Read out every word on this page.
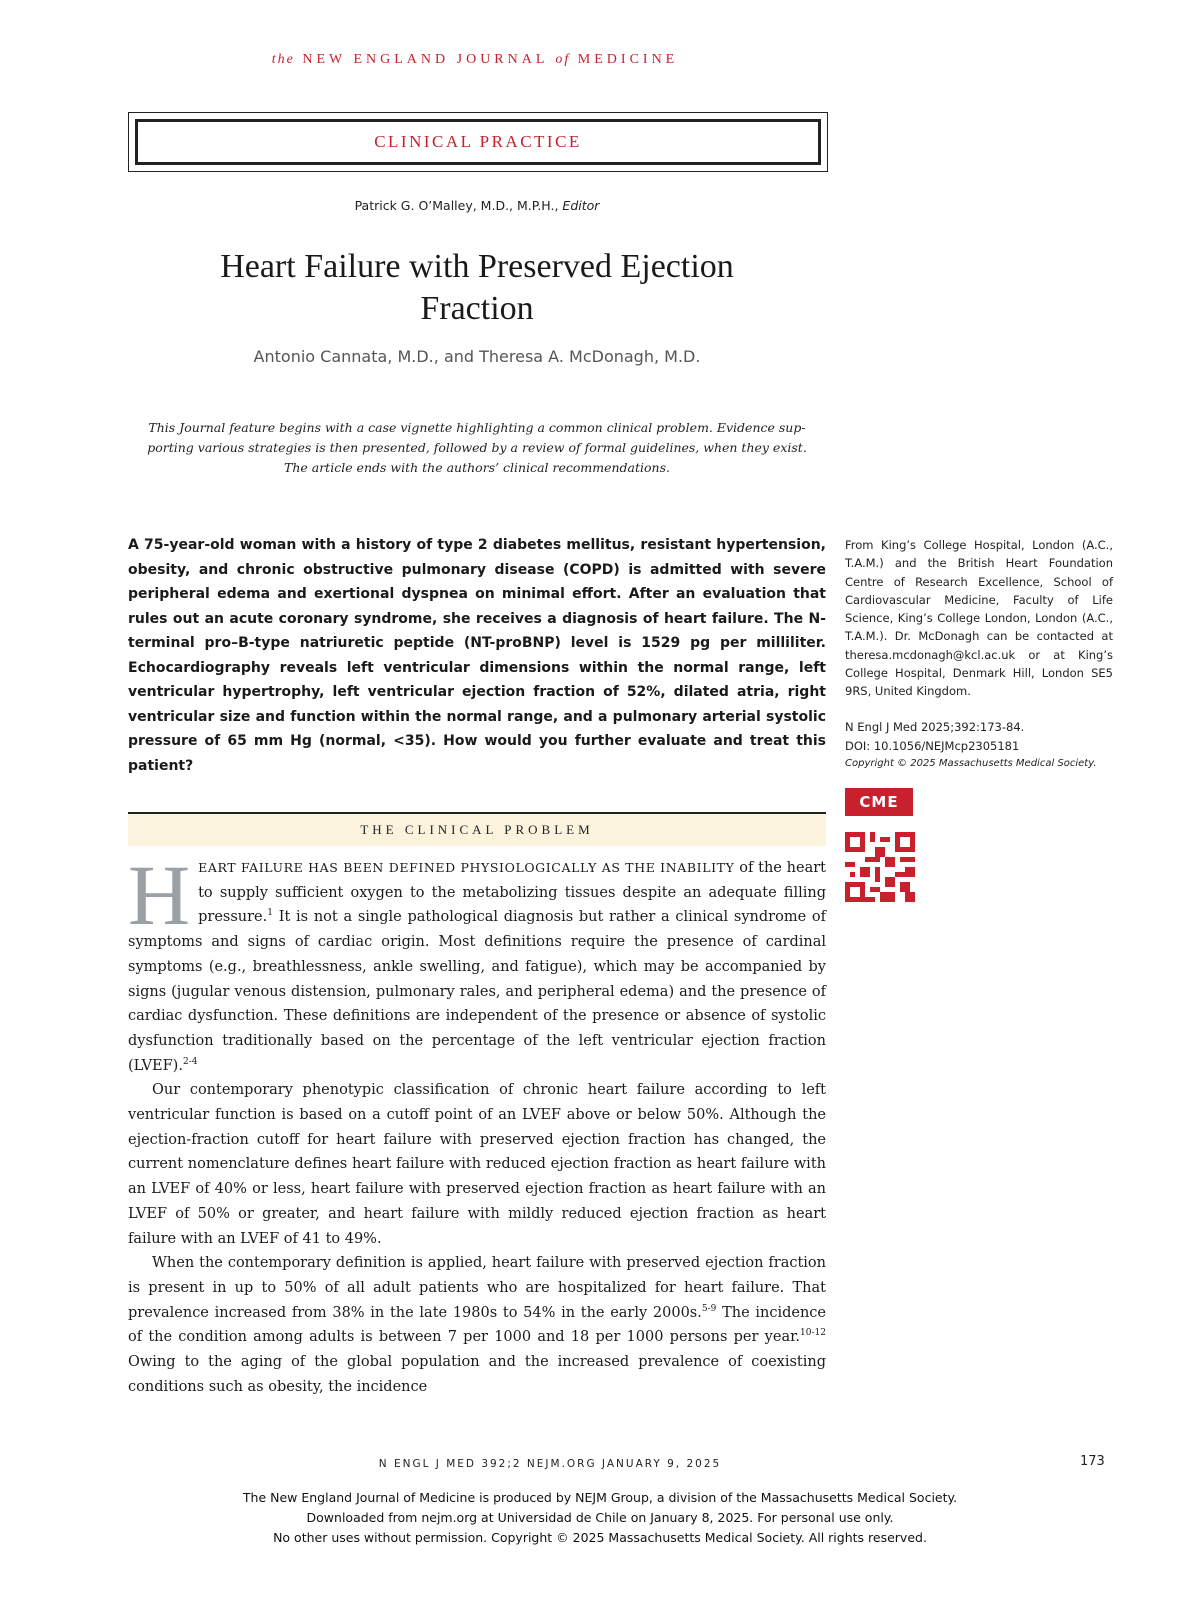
the NEW ENGLAND JOURNAL of MEDICINE
CLINICAL PRACTICE
Patrick G. O’Malley, M.D., M.P.H., Editor
Heart Failure with Preserved Ejection
Fraction
Antonio Cannata, M.D., and Theresa A. McDonagh, M.D.
This Journal feature begins with a case vignette highlighting a common clinical problem. Evidence sup-
porting various strategies is then presented, followed by a review of formal guidelines, when they exist.
The article ends with the authors’ clinical recommendations.
A 75-year-old woman with a history of type 2 diabetes mellitus, resistant hypertension, obesity, and chronic obstructive pulmonary disease (COPD) is admitted with severe peripheral edema and exertional dyspnea on minimal effort. After an evaluation that rules out an acute coronary syndrome, she receives a diagnosis of heart failure. The N-terminal pro–B-type natriuretic peptide (NT-proBNP) level is 1529 pg per milliliter. Echocardiography reveals left ventricular dimensions within the normal range, left ventricular hypertrophy, left ventricular ejection fraction of 52%, dilated atria, right ventricular size and function within the normal range, and a pulmonary arterial systolic pressure of 65 mm Hg (normal, <35). How would you further evaluate and treat this patient?
From King’s College Hospital, London (A.C., T.A.M.) and the British Heart Foundation Centre of Research Excellence, School of Cardiovascular Medicine, Faculty of Life Science, King’s College London, London (A.C., T.A.M.). Dr. McDonagh can be contacted at theresa.mcdonagh@kcl.ac.uk or at King’s College Hospital, Denmark Hill, London SE5 9RS, United Kingdom.
N Engl J Med 2025;392:173-84.
DOI: 10.1056/NEJMcp2305181
Copyright © 2025 Massachusetts Medical Society.
CME
THE CLINICAL PROBLEM

HEART FAILURE HAS BEEN DEFINED PHYSIOLOGICALLY AS THE INABILITY of the heart to supply sufficient oxygen to the metabolizing tissues despite an adequate filling pressure.$^1$ It is not a single pathological diagnosis but rather a clinical syndrome of symptoms and signs of cardiac origin. Most definitions require the presence of cardinal symptoms (e.g., breathlessness, ankle swelling, and fatigue), which may be accompanied by signs (jugular venous distension, pulmonary rales, and peripheral edema) and the presence of cardiac dysfunction. These definitions are independent of the presence or absence of systolic dysfunction traditionally based on the percentage of the left ventricular ejection fraction (LVEF).$^{2-4}$

Our contemporary phenotypic classification of chronic heart failure according to left ventricular function is based on a cutoff point of an LVEF above or below 50%. Although the ejection-fraction cutoff for heart failure with preserved ejection fraction has changed, the current nomenclature defines heart failure with reduced ejection fraction as heart failure with an LVEF of 40% or less, heart failure with preserved ejection fraction as heart failure with an LVEF of 50% or greater, and heart failure with mildly reduced ejection fraction as heart failure with an LVEF of 41 to 49%.

When the contemporary definition is applied, heart failure with preserved ejection fraction is present in up to 50% of all adult patients who are hospitalized for heart failure. That prevalence increased from 38% in the late 1980s to 54% in the early 2000s.$^{5-9}$ The incidence of the condition among adults is between 7 per 1000 and 18 per 1000 persons per year.$^{10-12}$ Owing to the aging of the global population and the increased prevalence of coexisting conditions such as obesity, the incidence

N ENGL J MED 392;2 NEJM.ORG JANUARY 9, 2025	173
The New England Journal of Medicine is produced by NEJM Group, a division of the Massachusetts Medical Society.
Downloaded from nejm.org at Universidad de Chile on January 8, 2025. For personal use only.
No other uses without permission. Copyright © 2025 Massachusetts Medical Society. All rights reserved.
